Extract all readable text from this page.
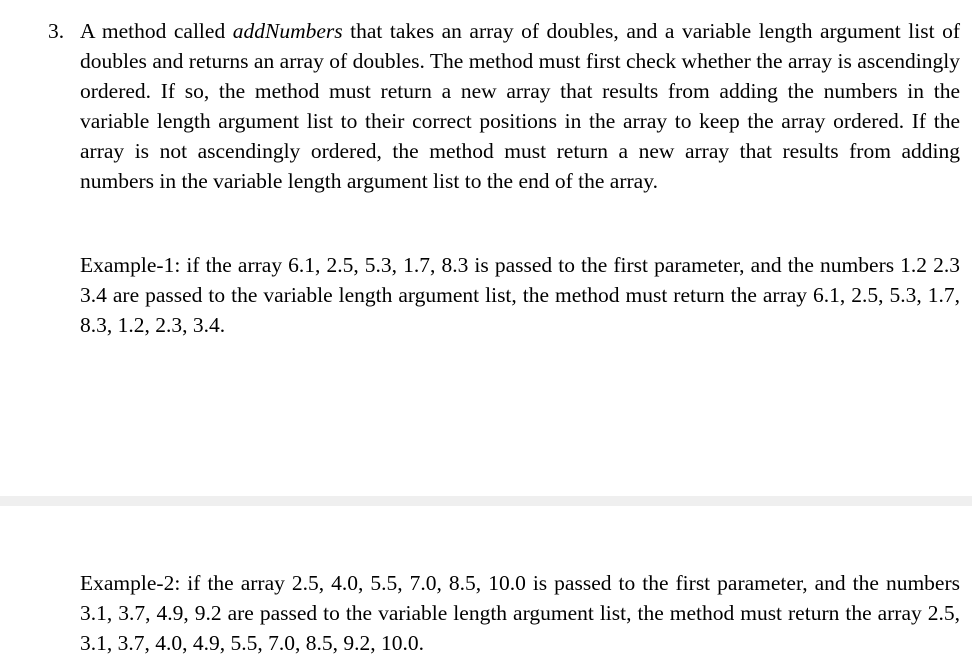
3. A method called addNumbers that takes an array of doubles, and a variable length argument list of doubles and returns an array of doubles. The method must first check whether the array is ascendingly ordered. If so, the method must return a new array that results from adding the numbers in the variable length argument list to their correct positions in the array to keep the array ordered. If the array is not ascendingly ordered, the method must return a new array that results from adding numbers in the variable length argument list to the end of the array.

Example-1: if the array 6.1, 2.5, 5.3, 1.7, 8.3 is passed to the first parameter, and the numbers 1.2 2.3 3.4 are passed to the variable length argument list, the method must return the array 6.1, 2.5, 5.3, 1.7, 8.3, 1.2, 2.3, 3.4.

Example-2: if the array 2.5, 4.0, 5.5, 7.0, 8.5, 10.0 is passed to the first parameter, and the numbers 3.1, 3.7, 4.9, 9.2 are passed to the variable length argument list, the method must return the array 2.5, 3.1, 3.7, 4.0, 4.9, 5.5, 7.0, 8.5, 9.2, 10.0.
